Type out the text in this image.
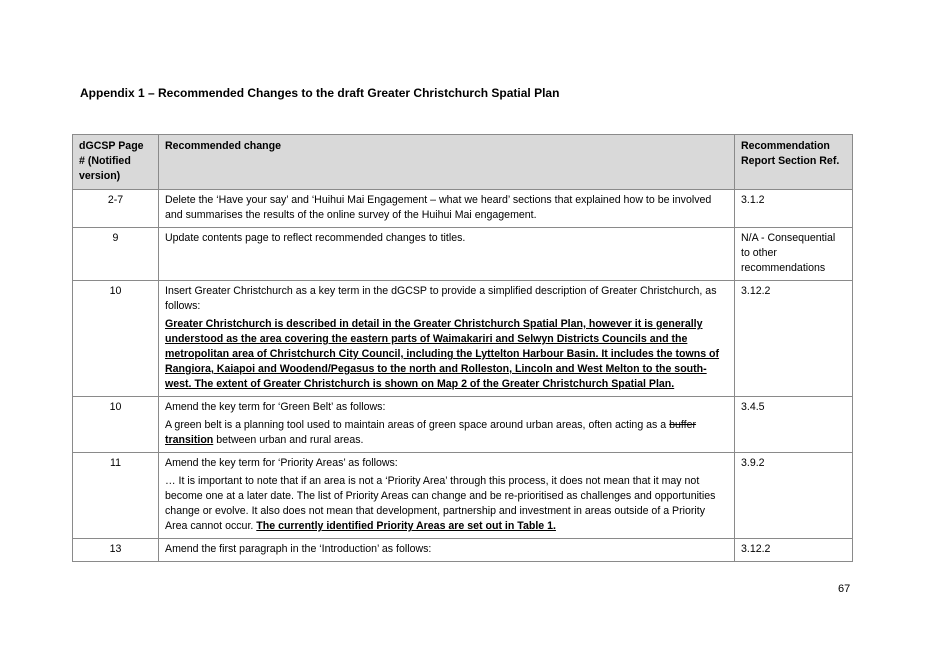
Appendix 1 – Recommended Changes to the draft Greater Christchurch Spatial Plan
dGCSP Page # (Notified version)	Recommended change	Recommendation Report Section Ref.
2-7	Delete the ‘Have your say’ and ‘Huihui Mai Engagement – what we heard’ sections that explained how to be involved and summarises the results of the online survey of the Huihui Mai engagement.	3.1.2
9	Update contents page to reflect recommended changes to titles.	N/A - Consequential to other recommendations
10	Insert Greater Christchurch as a key term in the dGCSP to provide a simplified description of Greater Christchurch, as follows:
Greater Christchurch is described in detail in the Greater Christchurch Spatial Plan, however it is generally understood as the area covering the eastern parts of Waimakariri and Selwyn Districts Councils and the metropolitan area of Christchurch City Council, including the Lyttelton Harbour Basin. It includes the towns of Rangiora, Kaiapoi and Woodend/Pegasus to the north and Rolleston, Lincoln and West Melton to the south-west. The extent of Greater Christchurch is shown on Map 2 of the Greater Christchurch Spatial Plan.	3.12.2
10	Amend the key term for ‘Green Belt’ as follows:
A green belt is a planning tool used to maintain areas of green space around urban areas, often acting as a buffer transition between urban and rural areas.	3.4.5
11	Amend the key term for ‘Priority Areas’ as follows:
… It is important to note that if an area is not a ‘Priority Area’ through this process, it does not mean that it may not become one at a later date. The list of Priority Areas can change and be re-prioritised as challenges and opportunities change or evolve. It also does not mean that development, partnership and investment in areas outside of a Priority Area cannot occur. The currently identified Priority Areas are set out in Table 1.	3.9.2
13	Amend the first paragraph in the ‘Introduction’ as follows:	3.12.2
67
